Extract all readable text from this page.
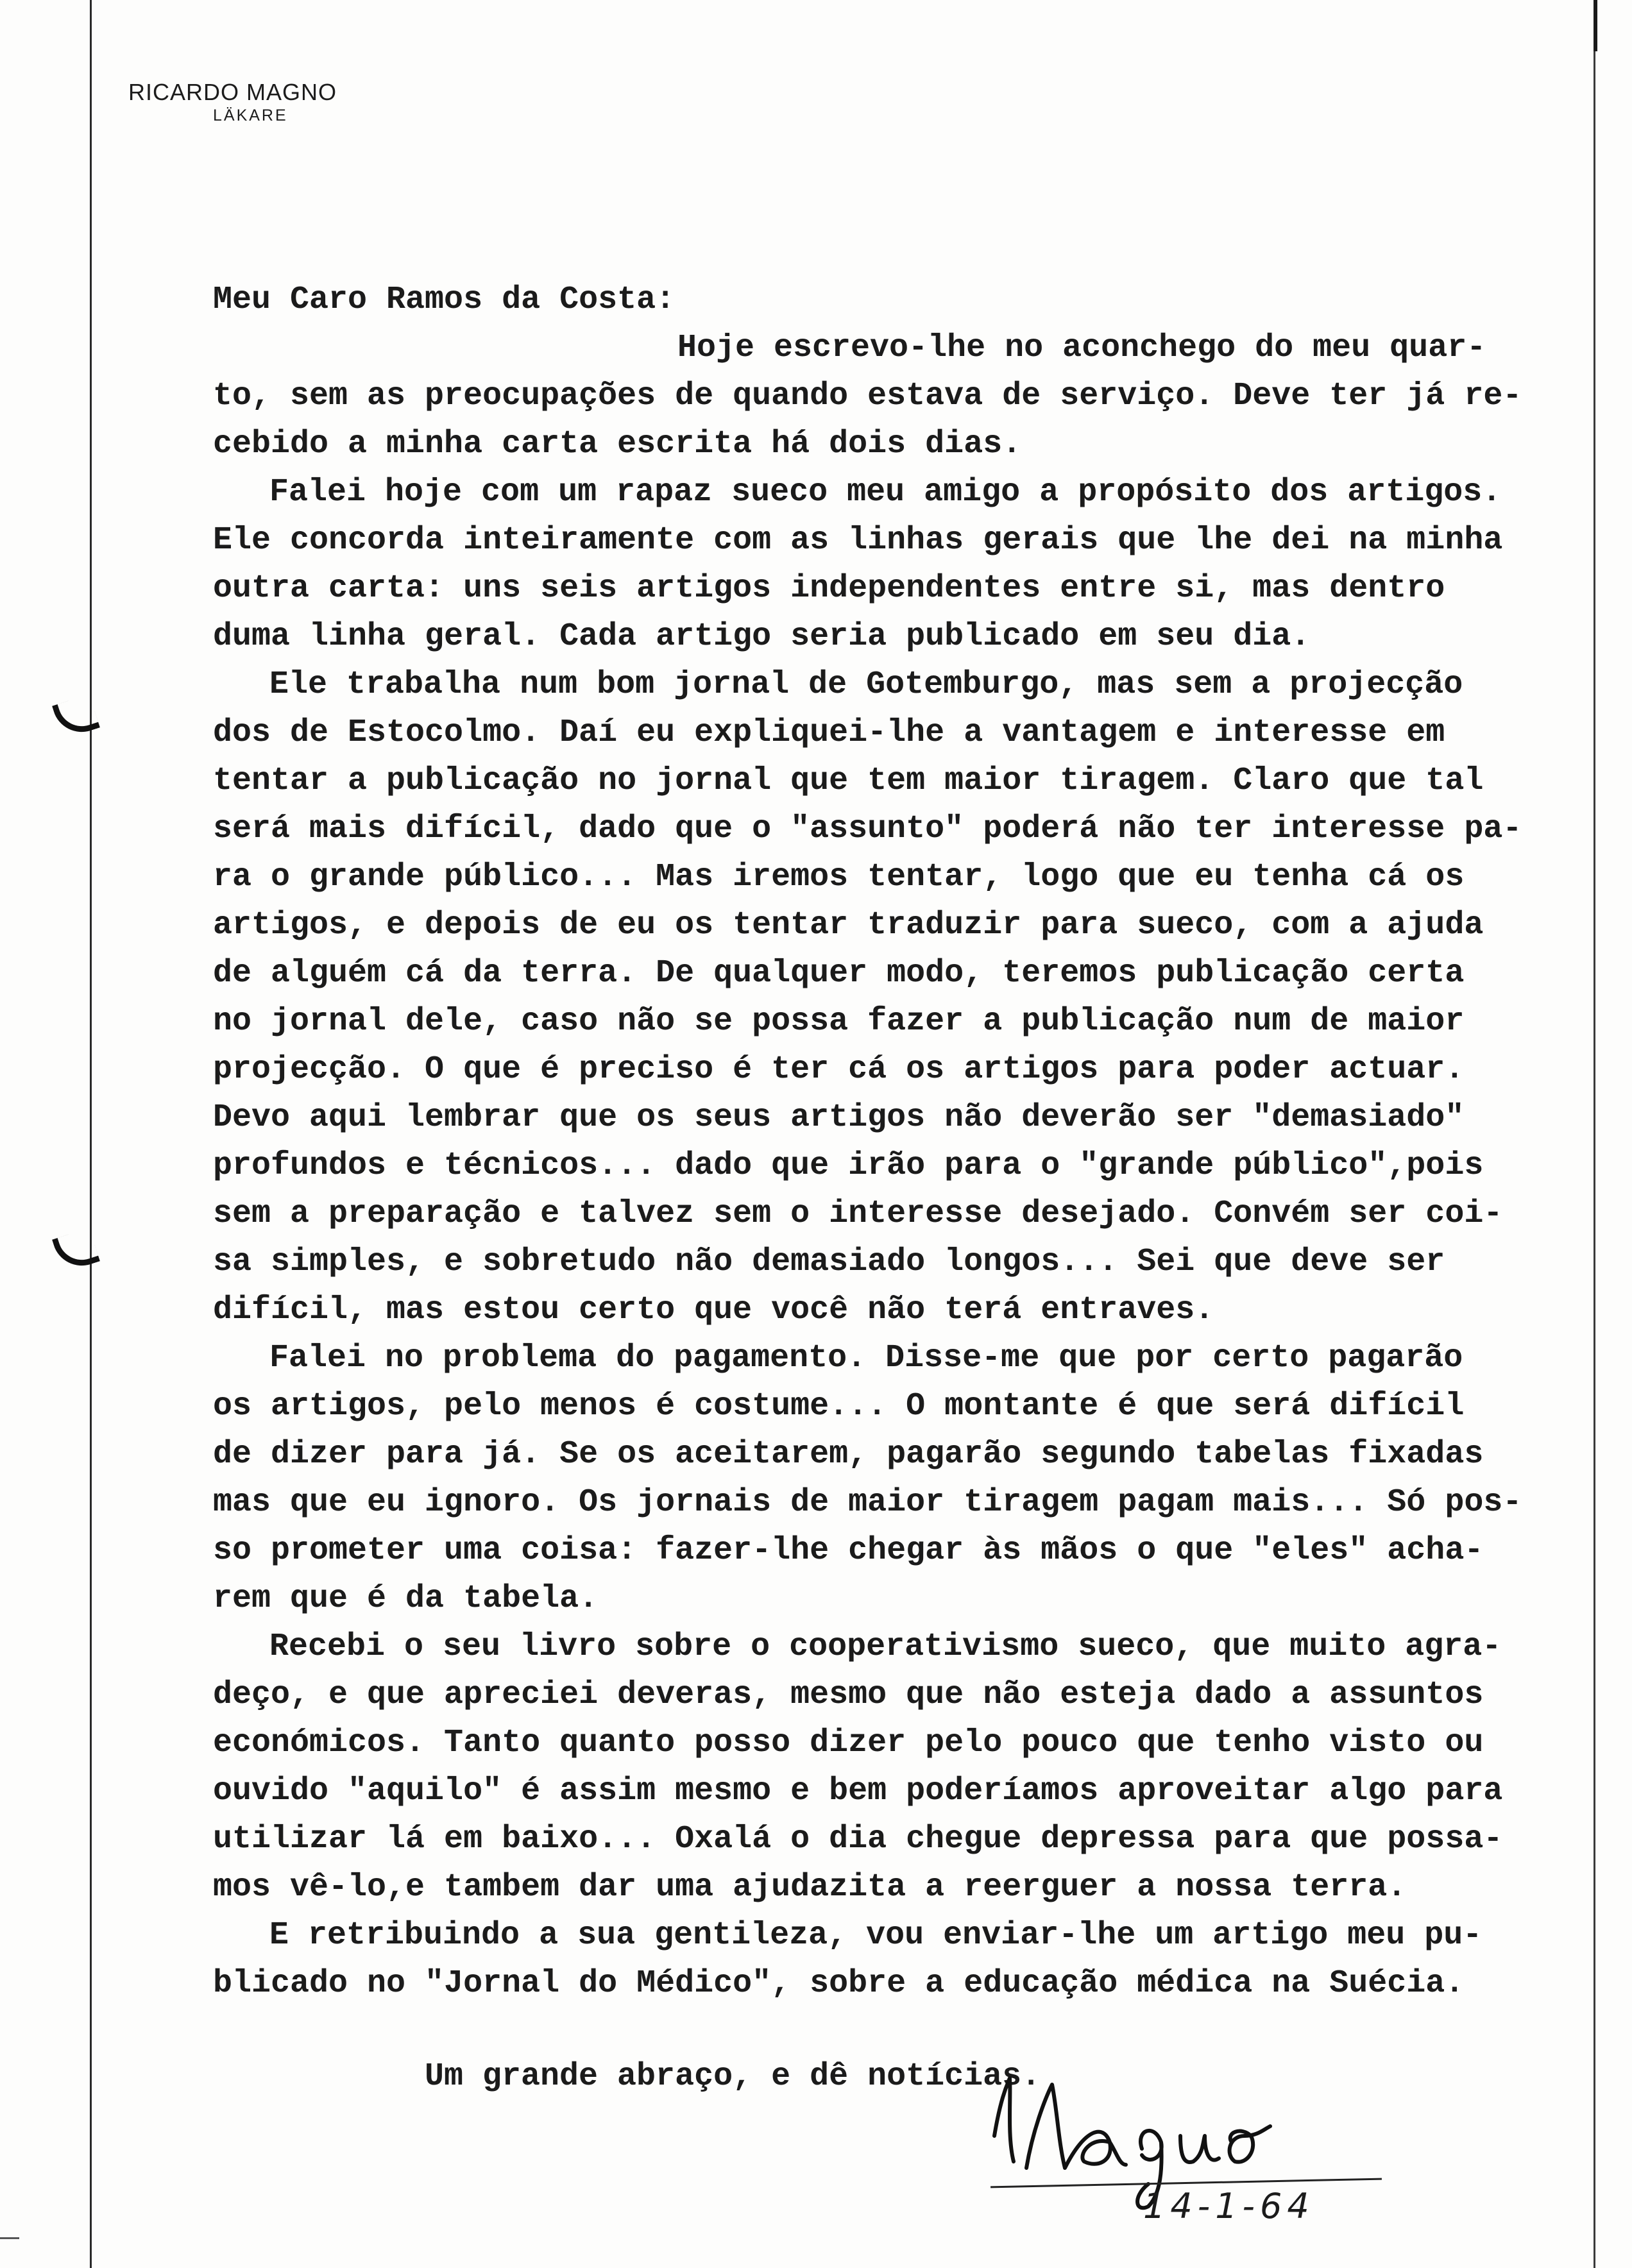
RICARDO MAGNO
LÄKARE
Meu Caro Ramos da Costa:
Hoje escrevo-lhe no aconchego do meu quar-
to, sem as preocupações de quando estava de serviço. Deve ter já re-
cebido a minha carta escrita há dois dias.
Falei hoje com um rapaz sueco meu amigo a propósito dos artigos.
Ele concorda inteiramente com as linhas gerais que lhe dei na minha
outra carta: uns seis artigos independentes entre si, mas dentro
duma linha geral. Cada artigo seria publicado em seu dia.
Ele trabalha num bom jornal de Gotemburgo, mas sem a projecção
dos de Estocolmo. Daí eu expliquei-lhe a vantagem e interesse em
tentar a publicação no jornal que tem maior tiragem. Claro que tal
será mais difícil, dado que o "assunto" poderá não ter interesse pa-
ra o grande público... Mas iremos tentar, logo que eu tenha cá os
artigos, e depois de eu os tentar traduzir para sueco, com a ajuda
de alguém cá da terra. De qualquer modo, teremos publicação certa
no jornal dele, caso não se possa fazer a publicação num de maior
projecção. O que é preciso é ter cá os artigos para poder actuar.
Devo aqui lembrar que os seus artigos não deverão ser "demasiado"
profundos e técnicos... dado que irão para o "grande público",pois
sem a preparação e talvez sem o interesse desejado. Convém ser coi-
sa simples, e sobretudo não demasiado longos... Sei que deve ser
difícil, mas estou certo que você não terá entraves.
Falei no problema do pagamento. Disse-me que por certo pagarão
os artigos, pelo menos é costume... O montante é que será difícil
de dizer para já. Se os aceitarem, pagarão segundo tabelas fixadas
mas que eu ignoro. Os jornais de maior tiragem pagam mais... Só pos-
so prometer uma coisa: fazer-lhe chegar às mãos o que "eles" acha-
rem que é da tabela.
Recebi o seu livro sobre o cooperativismo sueco, que muito agra-
deço, e que apreciei deveras, mesmo que não esteja dado a assuntos
económicos. Tanto quanto posso dizer pelo pouco que tenho visto ou
ouvido "aquilo" é assim mesmo e bem poderíamos aproveitar algo para
utilizar lá em baixo... Oxalá o dia chegue depressa para que possa-
mos vê-lo,e tambem dar uma ajudazita a reerguer a nossa terra.
E retribuindo a sua gentileza, vou enviar-lhe um artigo meu pu-
blicado no "Jornal do Médico", sobre a educação médica na Suécia.
Um grande abraço, e dê notícias.
14-1-64
